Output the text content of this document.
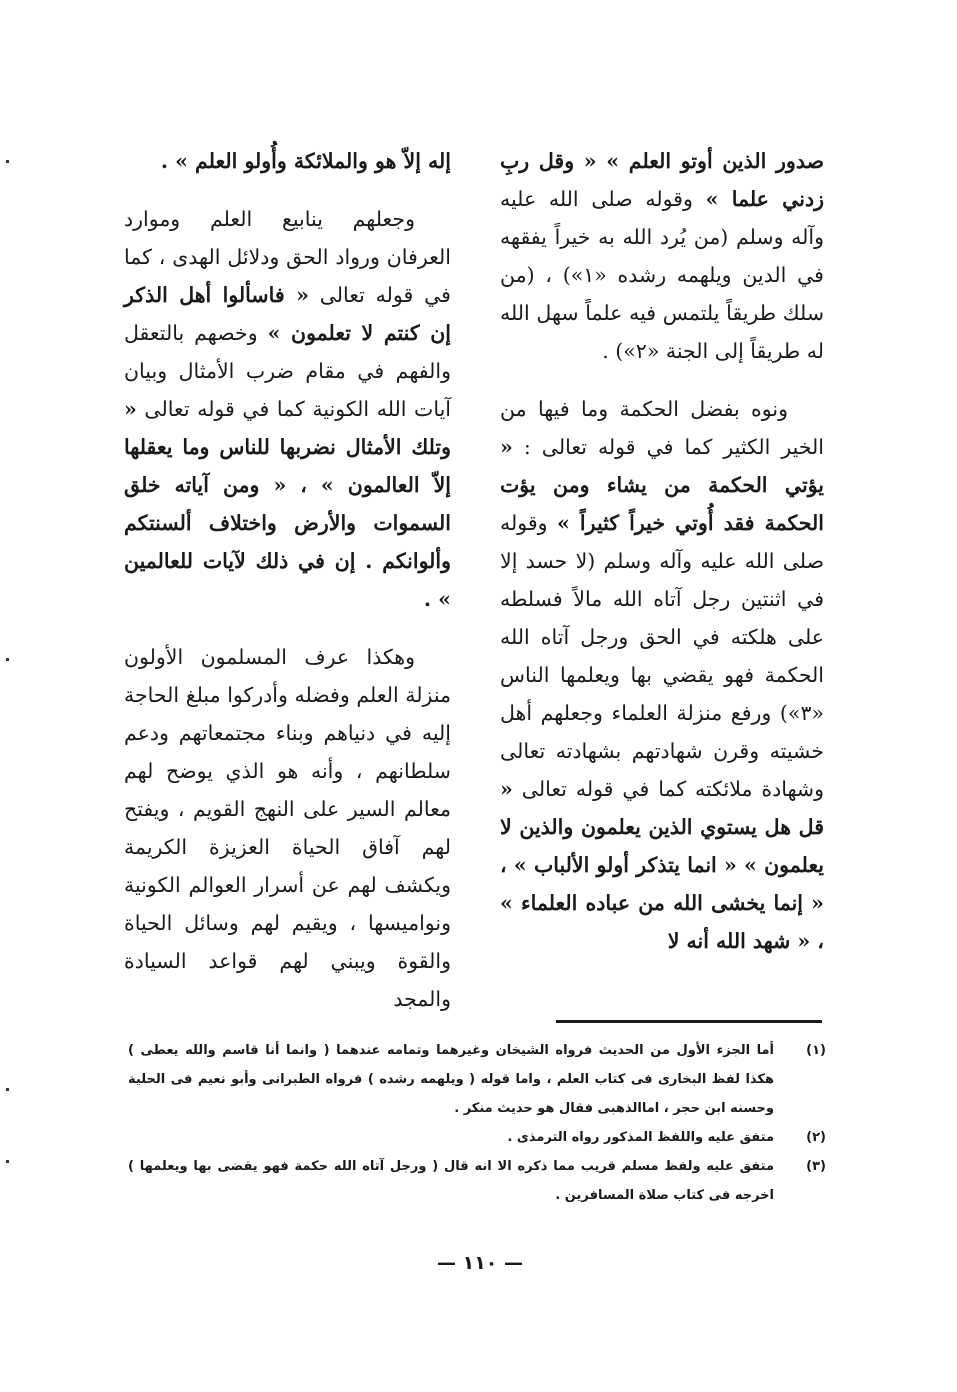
صدور الذين أوتو العلم » « وقل ربِ زدني علما » وقوله صلى الله عليه وآله وسلم (من يُرد الله به خيراً يفقهه في الدين ويلهمه رشده «١») ، (من سلك طريقاً يلتمس فيه علماً سهل الله له طريقاً إلى الجنة «٢») .

ونوه بفضل الحكمة وما فيها من الخير الكثير كما في قوله تعالى : « يؤتي الحكمة من يشاء ومن يؤت الحكمة فقد أُوتي خيراً كثيراً » وقوله صلى الله عليه وآله وسلم (لا حسد إلا في اثنتين رجل آتاه الله مالاً فسلطه على هلكته في الحق ورجل آتاه الله الحكمة فهو يقضي بها ويعلمها الناس «٣») ورفع منزلة العلماء وجعلهم أهل خشيته وقرن شهادتهم بشهادته تعالى وشهادة ملائكته كما في قوله تعالى « قل هل يستوي الذين يعلمون والذين لا يعلمون » « انما يتذكر أولو الألباب » ، « إنما يخشى الله من عباده العلماء » ، « شهد الله أنه لا

إله إلاّ هو والملائكة وأُولو العلم » .

وجعلهم ينابيع العلم وموارد العرفان ورواد الحق ودلائل الهدى ، كما في قوله تعالى « فاسألوا أهل الذكر إن كنتم لا تعلمون » وخصهم بالتعقل والفهم في مقام ضرب الأمثال وبيان آيات الله الكونية كما في قوله تعالى « وتلك الأمثال نضربها للناس وما يعقلها إلاّ العالمون » ، « ومن آياته خلق السموات والأرض واختلاف ألسنتكم وألوانكم . إن في ذلك لآيات للعالمين » .

وهكذا عرف المسلمون الأولون منزلة العلم وفضله وأدركوا مبلغ الحاجة إليه في دنياهم وبناء مجتمعاتهم ودعم سلطانهم ، وأنه هو الذي يوضح لهم معالم السير على النهج القويم ، ويفتح لهم آفاق الحياة العزيزة الكريمة ويكشف لهم عن أسرار العوالم الكونية ونواميسها ، ويقيم لهم وسائل الحياة والقوة ويبني لهم قواعد السيادة والمجد

(١)
أما الجزء الأول من الحديث فرواه الشيخان وغيرهما وتمامه عندهما ( وانما أنا قاسم والله يعطى ) هكذا لفظ البخارى فى كتاب العلم ، واما قوله ( ويلهمه رشده ) فرواه الطبرانى وأبو نعيم فى الحلية وحسنه ابن حجر ، اماالذهبى فقال هو حديث منكر .
(٢)
متفق عليه واللفظ المذكور رواه الترمذى .
(٣)
متفق عليه ولفظ مسلم قريب مما ذكره الا انه قال ( ورجل آتاه الله حكمة فهو يقضى بها ويعلمها ) اخرجه فى كتاب صلاة المسافرين .
— ١١٠ —
